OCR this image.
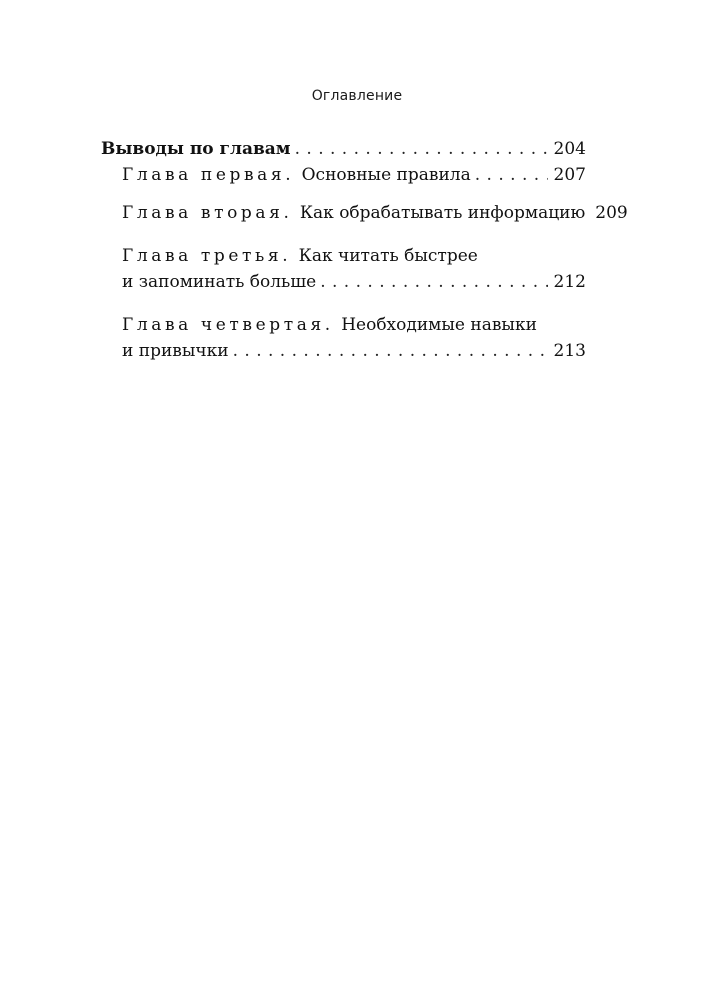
Оглавление
Выводы по главам . . .	204
Глава первая. Основные правила . . .	207
Глава вторая. Как обрабатывать информацию 209
Глава третья. Как читать быстрее
и запоминать больше . . .	212
Глава четвертая. Необходимые навыки
и привычки . . .	213
